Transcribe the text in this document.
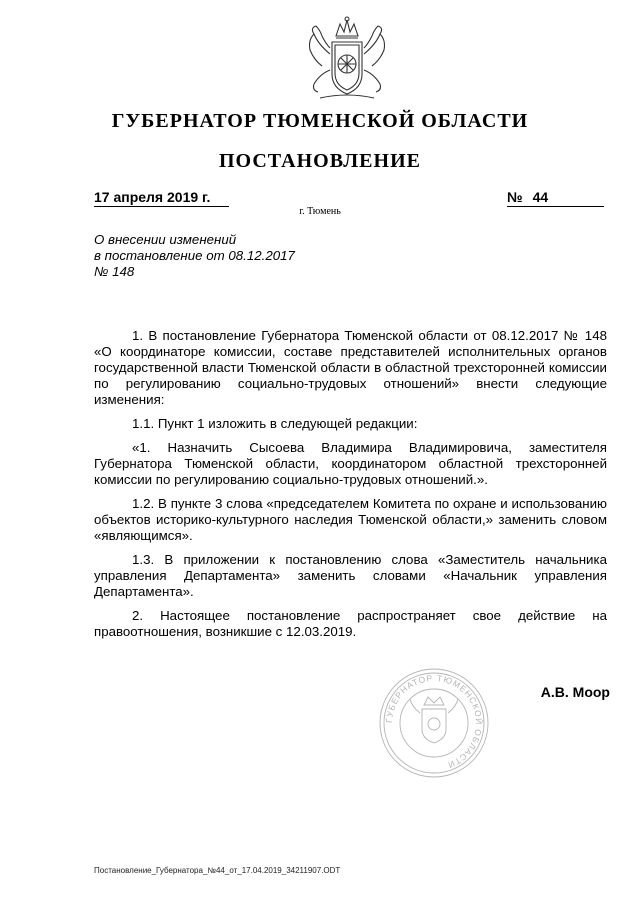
ГУБЕРНАТОР ТЮМЕНСКОЙ ОБЛАСТИ
ПОСТАНОВЛЕНИЕ
17 апреля 2019 г.	№ 44
г. Тюмень
О внесении изменений
в постановление от 08.12.2017
№ 148

1. В постановление Губернатора Тюменской области от 08.12.2017 № 148 «О координаторе комиссии, составе представителей исполнительных органов государственной власти Тюменской области в областной трехсторонней комиссии по регулированию социально-трудовых отношений» внести следующие изменения:

1.1. Пункт 1 изложить в следующей редакции:

«1. Назначить Сысоева Владимира Владимировича, заместителя Губернатора Тюменской области, координатором областной трехсторонней комиссии по регулированию социально-трудовых отношений.».

1.2. В пункте 3 слова «председателем Комитета по охране и использованию объектов историко-культурного наследия Тюменской области,» заменить словом «являющимся».

1.3. В приложении к постановлению слова «Заместитель начальника управления Департамента» заменить словами «Начальник управления Департамента».

2. Настоящее постановление распространяет свое действие на правоотношения, возникшие с 12.03.2019.

ГУБЕРНАТОР ТЮМЕНСКОЙ ОБЛАСТИ
А.В. Моор
Постановление_Губернатора_№44_от_17.04.2019_34211907.ODT
